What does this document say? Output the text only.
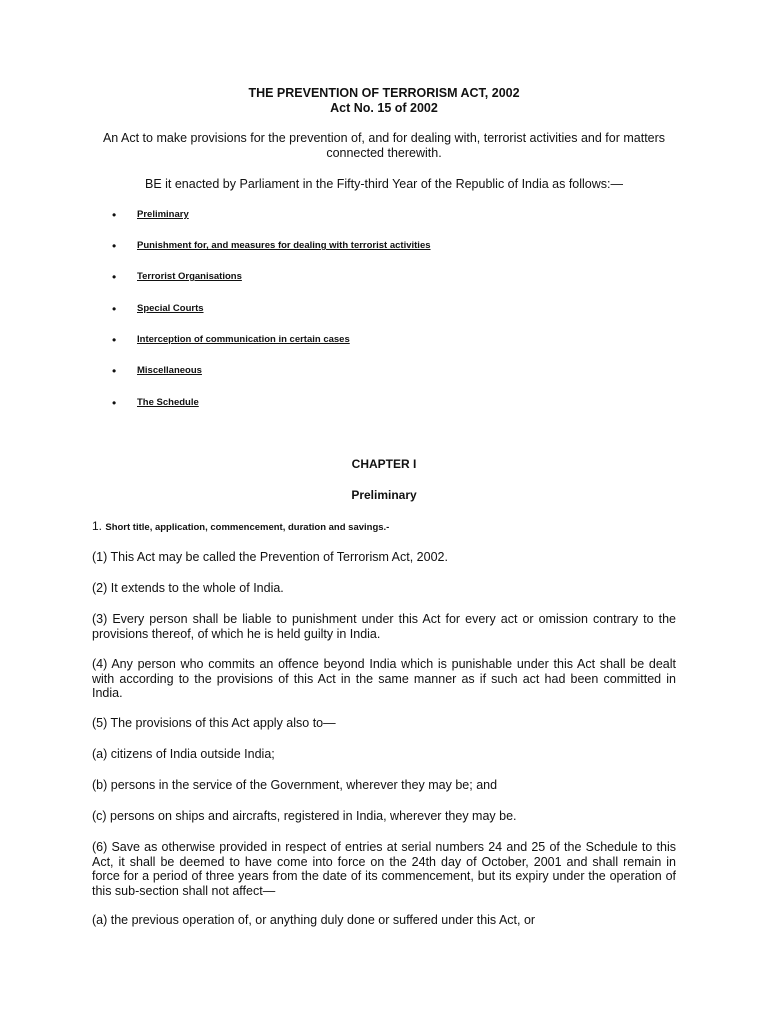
THE PREVENTION OF TERRORISM ACT, 2002
Act No. 15 of 2002
An Act to make provisions for the prevention of, and for dealing with, terrorist activities and for matters
connected therewith.
BE it enacted by Parliament in the Fifty-third Year of the Republic of India as follows:—
• Preliminary
• Punishment for, and measures for dealing with terrorist activities
• Terrorist Organisations
• Special Courts
• Interception of communication in certain cases
• Miscellaneous
• The Schedule
CHAPTER I
Preliminary
1. Short title, application, commencement, duration and savings.-

(1) This Act may be called the Prevention of Terrorism Act, 2002.

(2) It extends to the whole of India.

(3) Every person shall be liable to punishment under this Act for every act or omission contrary to the provisions thereof, of which he is held guilty in India.

(4) Any person who commits an offence beyond India which is punishable under this Act shall be dealt with according to the provisions of this Act in the same manner as if such act had been committed in India.

(5) The provisions of this Act apply also to—

(a) citizens of India outside India;

(b) persons in the service of the Government, wherever they may be; and

(c) persons on ships and aircrafts, registered in India, wherever they may be.

(6) Save as otherwise provided in respect of entries at serial numbers 24 and 25 of the Schedule to this Act, it shall be deemed to have come into force on the 24th day of October, 2001 and shall remain in force for a period of three years from the date of its commencement, but its expiry under the operation of this sub-section shall not affect—

(a) the previous operation of, or anything duly done or suffered under this Act, or
